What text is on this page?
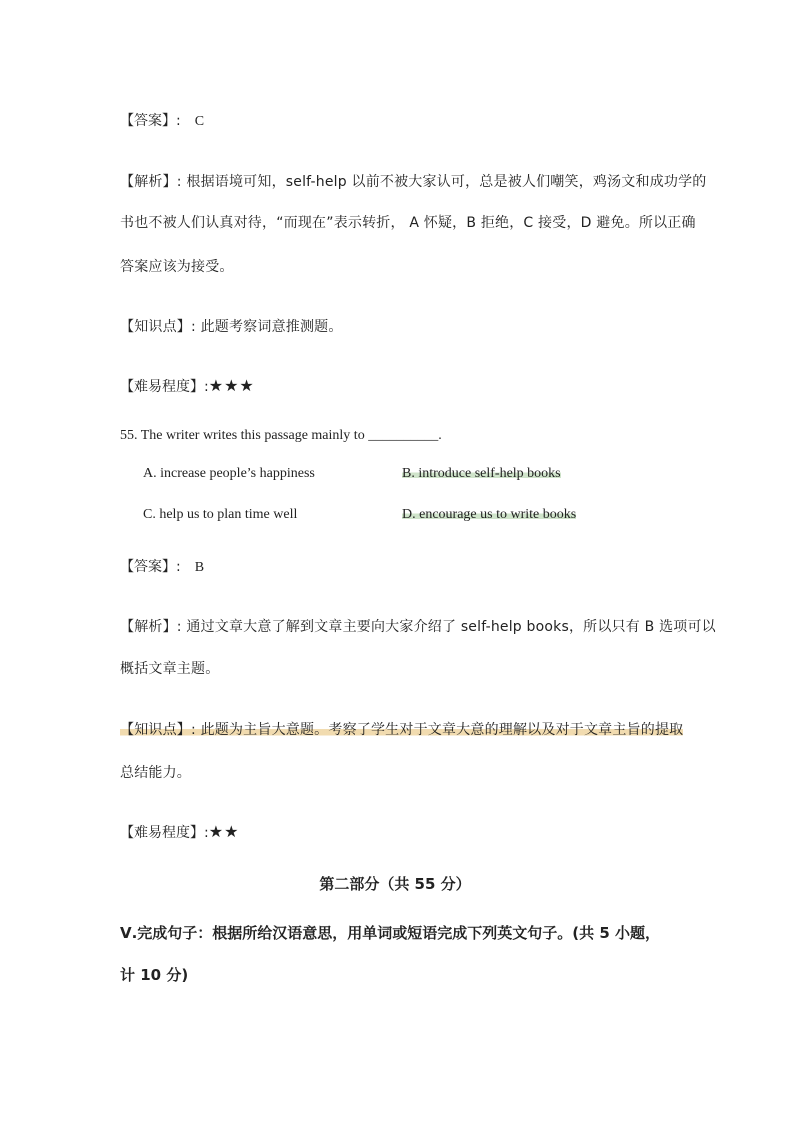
【答案】: C
【解析】: 根据语境可知，self-help 以前不被大家认可，总是被人们嘲笑，鸡汤文和成功学的
书也不被人们认真对待，“而现在”表示转折， A 怀疑，B 拒绝，C 接受，D 避免。所以正确
答案应该为接受。
【知识点】: 此题考察词意推测题。
【难易程度】:★★★
55. The writer writes this passage mainly to __________.
A. increase people’s happiness	B. introduce self-help books
C. help us to plan time well	D. encourage us to write books
【答案】: B
【解析】: 通过文章大意了解到文章主要向大家介绍了 self-help books，所以只有 B 选项可以
概括文章主题。
【知识点】: 此题为主旨大意题。考察了学生对于文章大意的理解以及对于文章主旨的提取
总结能力。
【难易程度】:★★
第二部分（共 55 分）
Ⅴ.完成句子：根据所给汉语意思，用单词或短语完成下列英文句子。(共 5 小题，
计 10 分)
